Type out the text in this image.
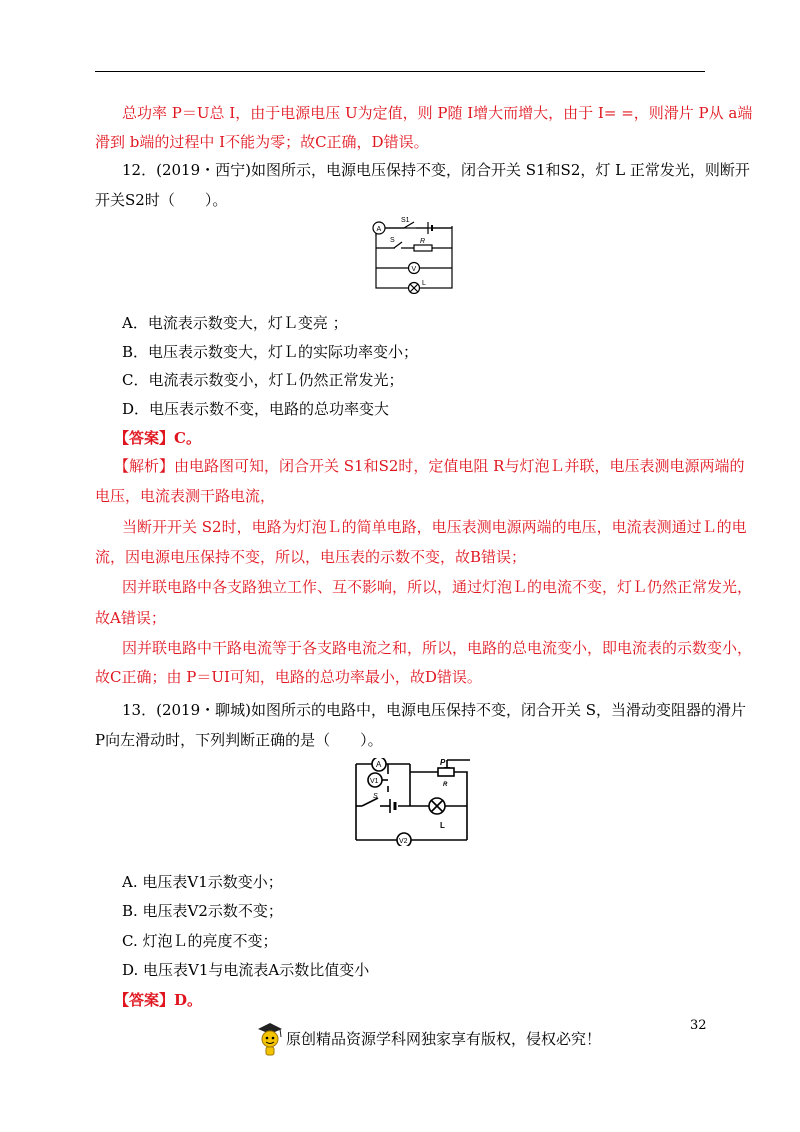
总功率 P＝U总 I，由于电源电压 U为定值，则 P随 I增大而增大，由于 I= =，则滑片 P从 a端
滑到 b端的过程中 I不能为零；故C正确，D错误。
12．(2019・西宁)如图所示，电源电压保持不变，闭合开关 S1和S2，灯 L 正常发光，则断开
开关S2时（　　）。
A
S1
S	R
V
L
A．电流表示数变大，灯Ｌ变亮 ；
B．电压表示数变大，灯Ｌ的实际功率变小；
C．电流表示数变小，灯Ｌ仍然正常发光；
D．电压表示数不变，电路的总功率变大
【答案】C。
【解析】由电路图可知，闭合开关 S1和S2时，定值电阻 R与灯泡Ｌ并联，电压表测电源两端的
电压，电流表测干路电流，
当断开开关 S2时，电路为灯泡Ｌ的简单电路，电压表测电源两端的电压，电流表测通过Ｌ的电
流，因电源电压保持不变，所以，电压表的示数不变，故B错误；
因并联电路中各支路独立工作、互不影响，所以，通过灯泡Ｌ的电流不变，灯Ｌ仍然正常发光，
故A错误；
因并联电路中干路电流等于各支路电流之和，所以，电路的总电流变小，即电流表的示数变小，
故C正确；由 P＝UI可知，电路的总功率最小，故D错误。
13．(2019・聊城)如图所示的电路中，电源电压保持不变，闭合开关 S，当滑动变阻器的滑片
P向左滑动时，下列判断正确的是（　　）。
P
R
A
V1
S
L
V2
A. 电压表V1示数变小；
B. 电压表V2示数不变；
C. 灯泡Ｌ的亮度不变；
D. 电压表V1与电流表A示数比值变小
【答案】D。
32
原创精品资源学科网独家享有版权，侵权必究！
